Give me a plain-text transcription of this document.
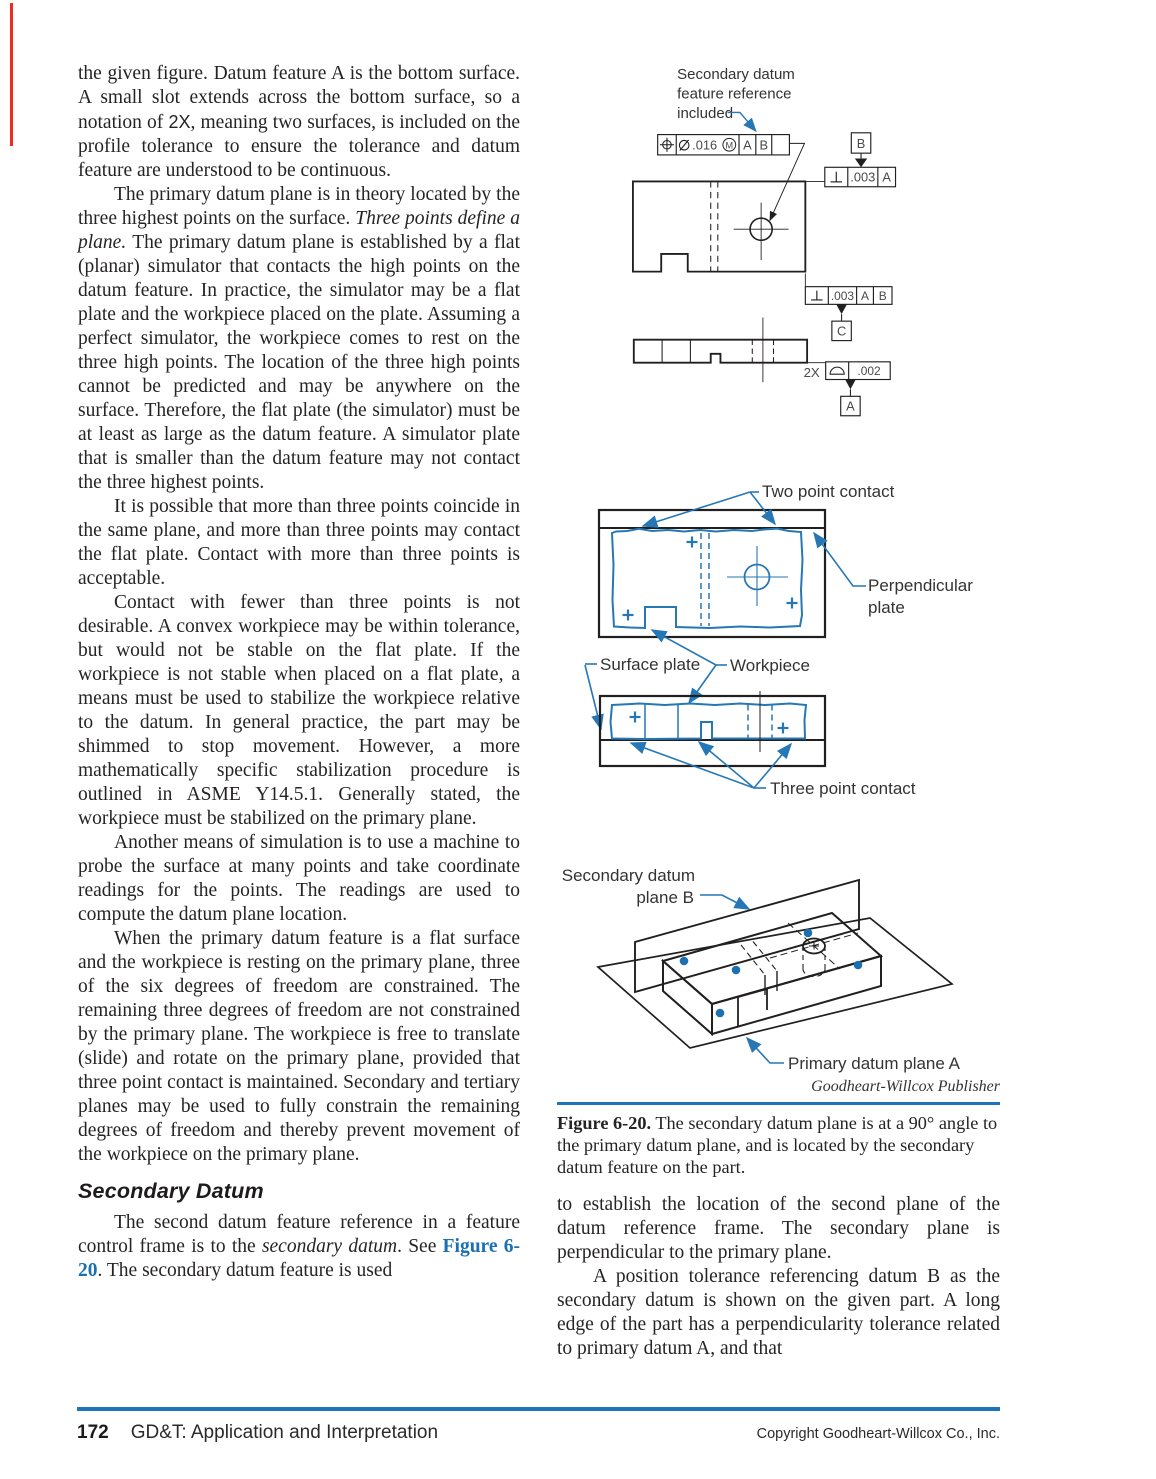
the given figure. Datum feature A is the bottom surface. A small slot extends across the bottom surface, so a notation of 2X, meaning two surfaces, is included on the profile tolerance to ensure the tolerance and datum feature are understood to be continuous.

The primary datum plane is in theory located by the three highest points on the surface. Three points define a plane. The primary datum plane is established by a flat (planar) simulator that contacts the high points on the datum feature. In practice, the simulator may be a flat plate and the workpiece placed on the plate. Assuming a perfect simulator, the workpiece comes to rest on the three high points. The location of the three high points cannot be predicted and may be anywhere on the surface. Therefore, the flat plate (the simulator) must be at least as large as the datum feature. A simulator plate that is smaller than the datum feature may not contact the three highest points.

It is possible that more than three points coincide in the same plane, and more than three points may contact the flat plate. Contact with more than three points is acceptable.

Contact with fewer than three points is not desirable. A convex workpiece may be within tolerance, but would not be stable on the flat plate. If the workpiece is not stable when placed on a flat plate, a means must be used to stabilize the workpiece relative to the datum. In general practice, the part may be shimmed to stop movement. However, a more mathematically specific stabilization procedure is outlined in ASME Y14.5.1. Generally stated, the workpiece must be stabilized on the primary plane.

Another means of simulation is to use a machine to probe the surface at many points and take coordinate readings for the points. The readings are used to compute the datum plane location.

When the primary datum feature is a flat surface and the workpiece is resting on the primary plane, three of the six degrees of freedom are constrained. The remaining three degrees of freedom are not constrained by the primary plane. The workpiece is free to translate (slide) and rotate on the primary plane, provided that three point contact is maintained. Secondary and tertiary planes may be used to fully constrain the remaining degrees of freedom and thereby prevent movement of the workpiece on the primary plane.

Secondary Datum

The second datum feature reference in a feature control frame is to the secondary datum. See Figure 6-20. The secondary datum feature is used

Secondary datum
feature reference
included
.016 M A B	B
.003 A
.003 A B
C
2X	.002
A
Two point contact
Perpendicular
plate
Surface plate Workpiece
Three point contact
Secondary datum
plane B
Primary datum plane A
Goodheart-Willcox Publisher

Figure 6-20. The secondary datum plane is at a 90° angle to the primary datum plane, and is located by the secondary datum feature on the part.

to establish the location of the second plane of the datum reference frame. The secondary plane is perpendicular to the primary plane.

A position tolerance referencing datum B as the secondary datum is shown on the given part. A long edge of the part has a perpendicularity tolerance related to primary datum A, and that

172 GD&T: Application and Interpretation	Copyright Goodheart-Willcox Co., Inc.
